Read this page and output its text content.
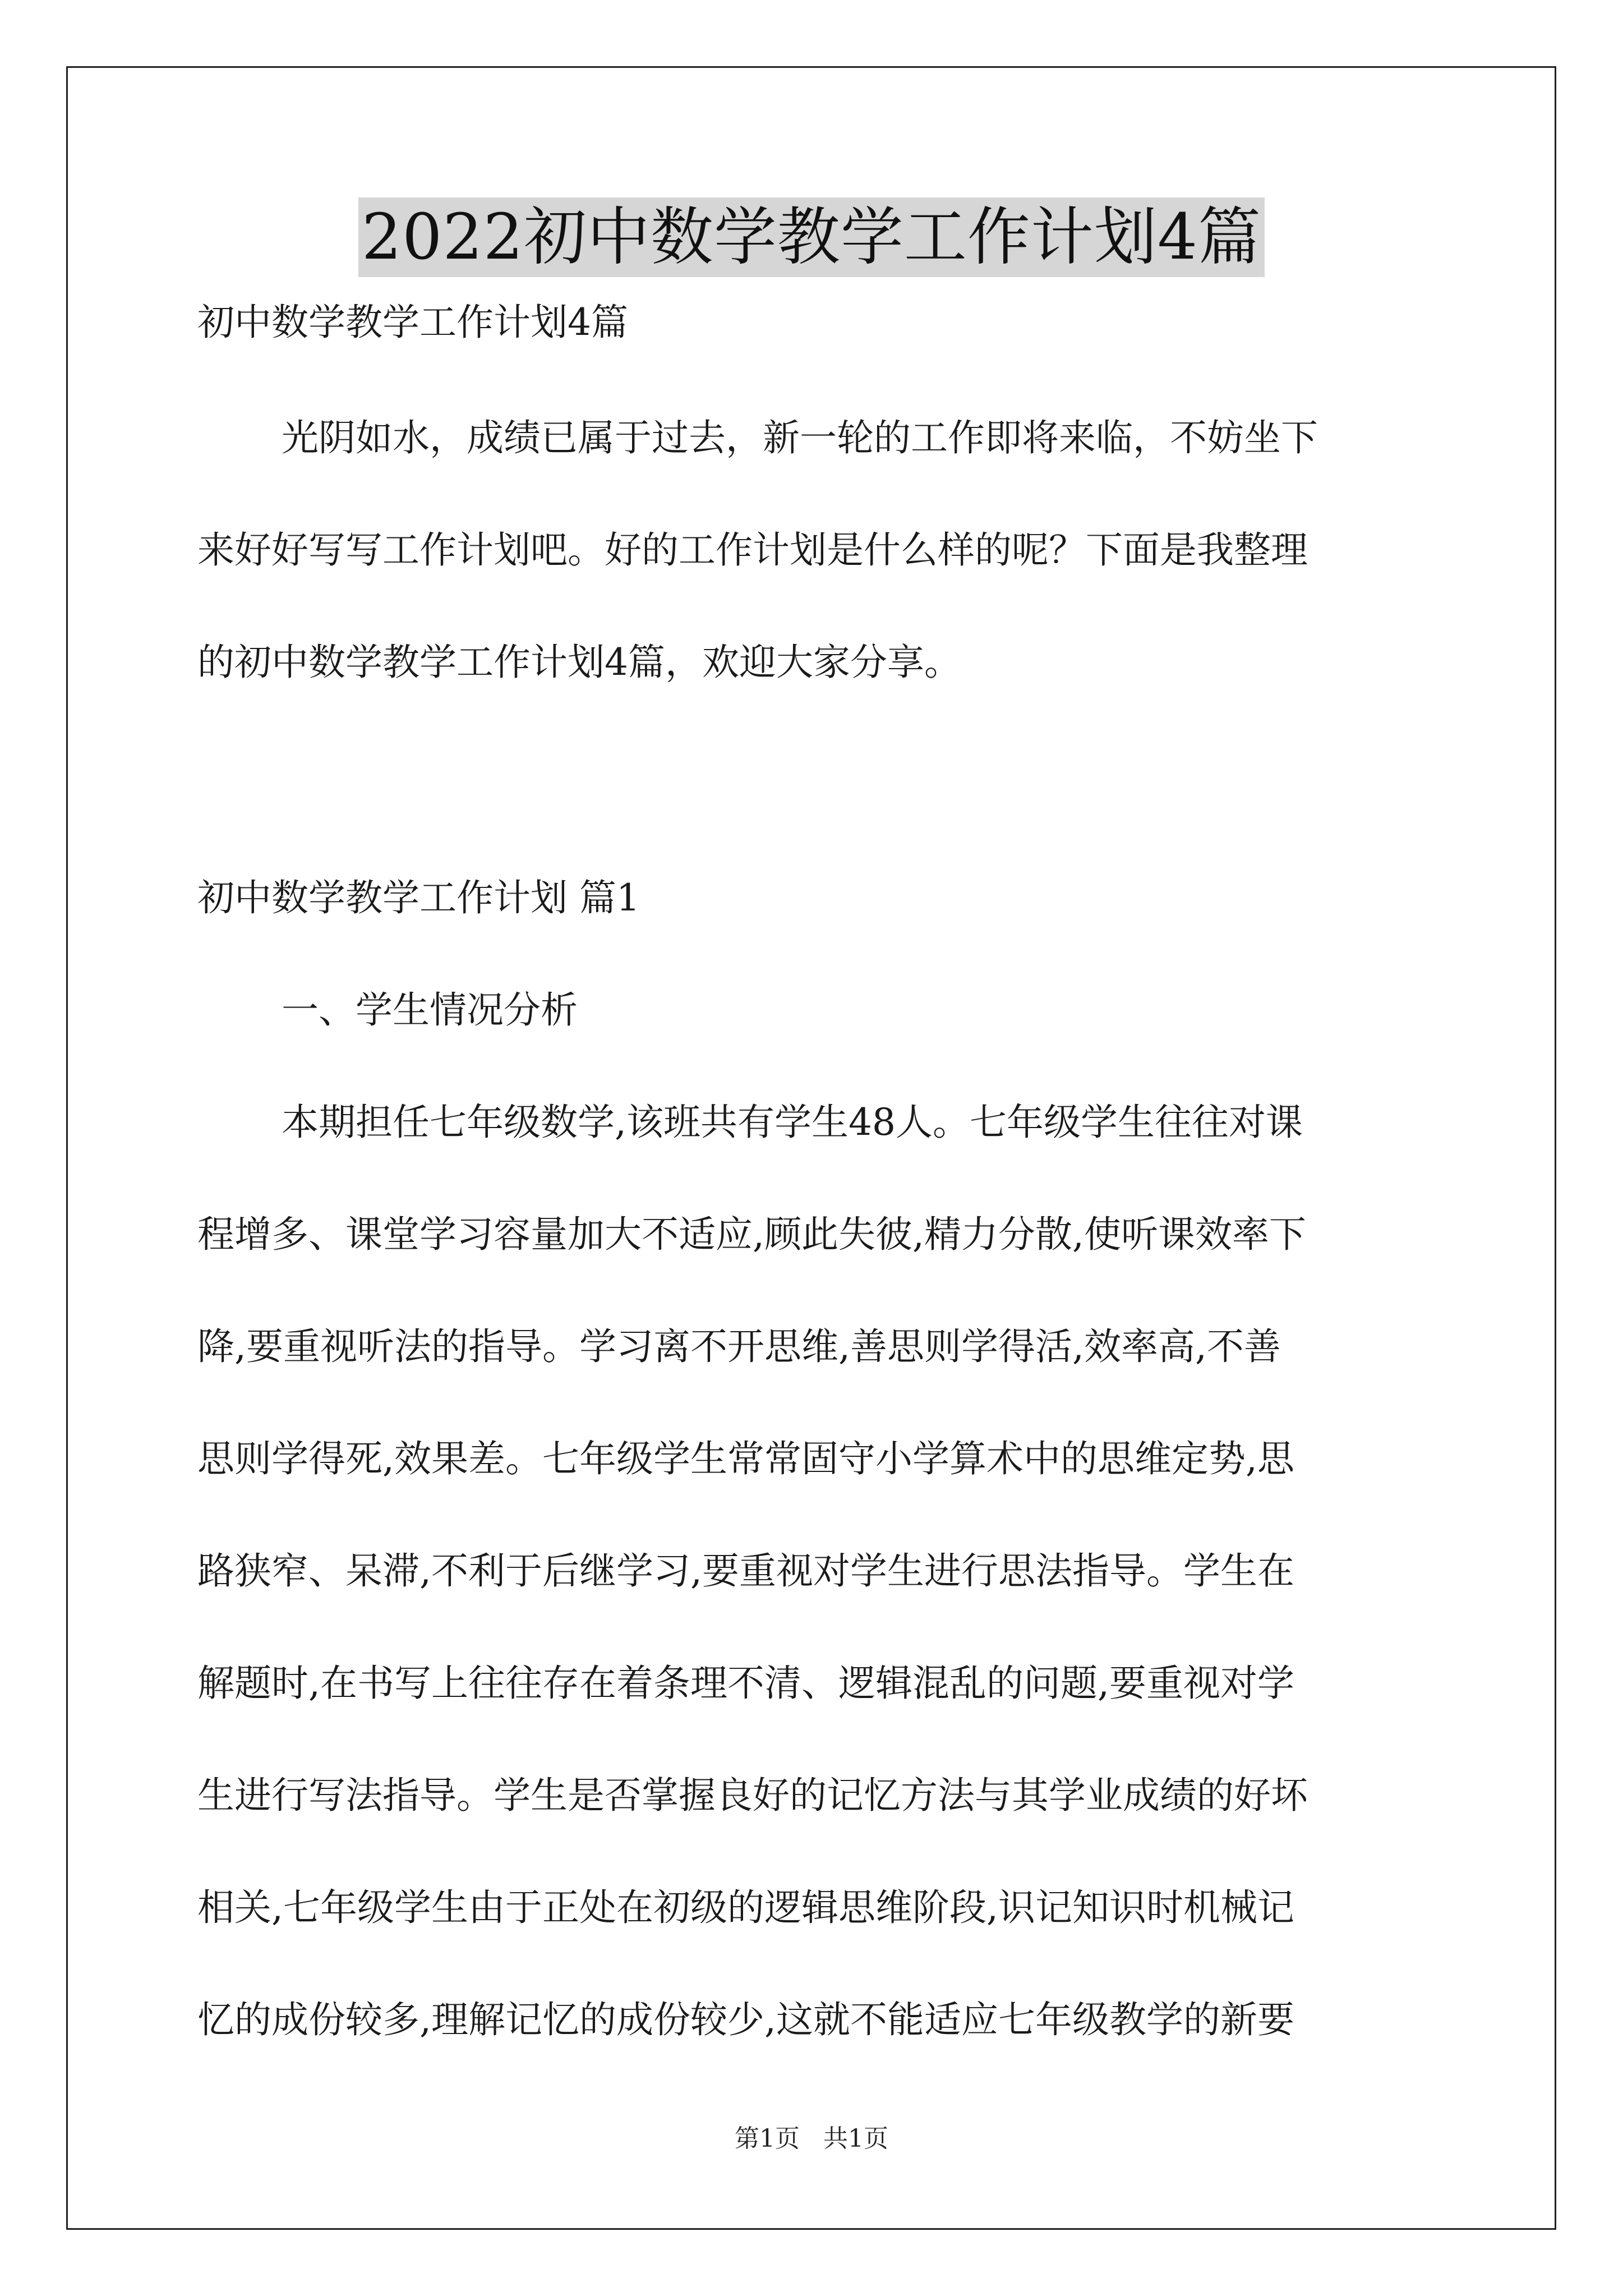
2022初中数学教学工作计划4篇
初中数学教学工作计划4篇
光阴如水，成绩已属于过去，新一轮的工作即将来临，不妨坐下
来好好写写工作计划吧。好的工作计划是什么样的呢？下面是我整理
的初中数学教学工作计划4篇，欢迎大家分享。
初中数学教学工作计划 篇1
一、学生情况分析
本期担任七年级数学,该班共有学生48人。七年级学生往往对课
程增多、课堂学习容量加大不适应,顾此失彼,精力分散,使听课效率下
降,要重视听法的指导。学习离不开思维,善思则学得活,效率高,不善
思则学得死,效果差。七年级学生常常固守小学算术中的思维定势,思
路狭窄、呆滞,不利于后继学习,要重视对学生进行思法指导。学生在
解题时,在书写上往往存在着条理不清、逻辑混乱的问题,要重视对学
生进行写法指导。学生是否掌握良好的记忆方法与其学业成绩的好坏
相关,七年级学生由于正处在初级的逻辑思维阶段,识记知识时机械记
忆的成份较多,理解记忆的成份较少,这就不能适应七年级教学的新要
第1页   共1页
